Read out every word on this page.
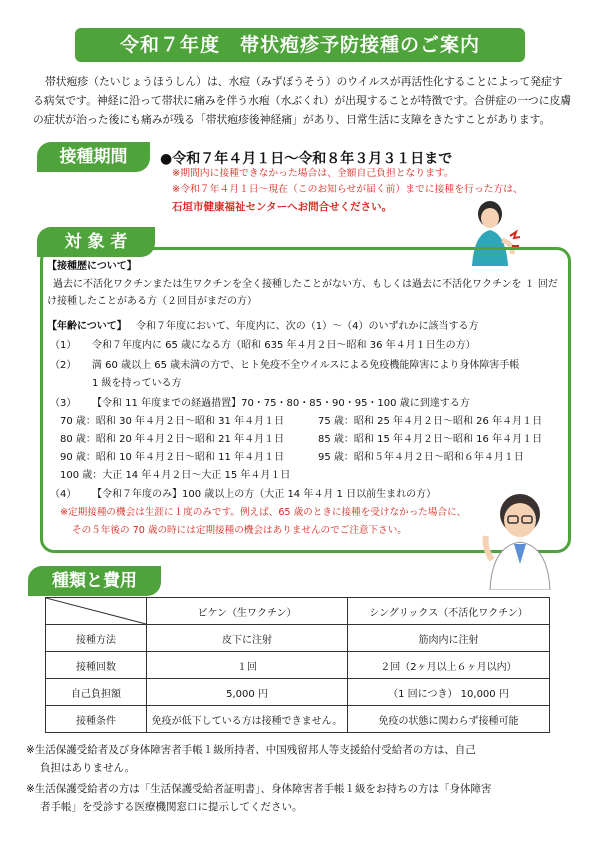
令和７年度　帯状疱疹予防接種のご案内
帯状疱疹（たいじょうほうしん）は、水痘（みずぼうそう）のウイルスが再活性化することによって発症する病気です。神経に沿って帯状に痛みを伴う水疱（水ぶくれ）が出現することが特徴です。合併症の一つに皮膚の症状が治った後にも痛みが残る「帯状疱疹後神経痛」があり、日常生活に支障をきたすことがあります。
接種期間	●令和７年４月１日～令和８年３月３１日まで
※期間内に接種できなかった場合は、全額自己負担となります。
※令和７年４月１日～現在（このお知らせが届く前）までに接種を行った方は、
石垣市健康福祉センターへお問合せください。
対 象 者
【接種歴について】
過去に不活化ワクチンまたは生ワクチンを全く接種したことがない方、もしくは過去に不活化ワクチンを １ 回だ
け接種したことがある方（２回目がまだの方）
【年齢について】 令和７年度において、年度内に、次の（1）～（4）のいずれかに該当する方
（1） 令和７年度内に 65 歳になる方（昭和 635 年４月２日～昭和 36 年４月１日生の方）
（2） 満 60 歳以上 65 歳未満の方で、ヒト免疫不全ウイルスによる免疫機能障害により身体障害手帳
1 級を持っている方
（3） 【令和 11 年度までの経過措置】70・75・80・85・90・95・100 歳に到達する方
70 歳：昭和 30 年４月２日～昭和 31 年４月１日	75 歳：昭和 25 年４月２日～昭和 26 年４月１日
80 歳：昭和 20 年４月２日～昭和 21 年４月１日	85 歳：昭和 15 年４月２日～昭和 16 年４月１日
90 歳：昭和 10 年４月２日～昭和 11 年４月１日	95 歳：昭和５年４月２日～昭和６年４月１日
100 歳：大正 14 年４月２日～大正 15 年４月１日
（4） 【令和７年度のみ】100 歳以上の方（大正 14 年４月 1 日以前生まれの方）
※定期接種の機会は生涯に１度のみです。例えば、65 歳のときに接種を受けなかった場合に、
その５年後の 70 歳の時には定期接種の機会はありませんのでご注意下さい。
種類と費用
	ビケン（生ワクチン）	シングリックス（不活化ワクチン）
接種方法	皮下に注射	筋肉内に注射
接種回数	１回	２回（2ヶ月以上６ヶ月以内）
自己負担額	5,000 円	（1 回につき） 10,000 円
接種条件	免疫が低下している方は接種できません。	免疫の状態に関わらず接種可能
※生活保護受給者及び身体障害者手帳１級所持者、中国残留邦人等支援給付受給者の方は、自己
負担はありません。
※生活保護受給者の方は「生活保護受給者証明書」、身体障害者手帳１級をお持ちの方は「身体障害
者手帳」を受診する医療機関窓口に提示してください。
